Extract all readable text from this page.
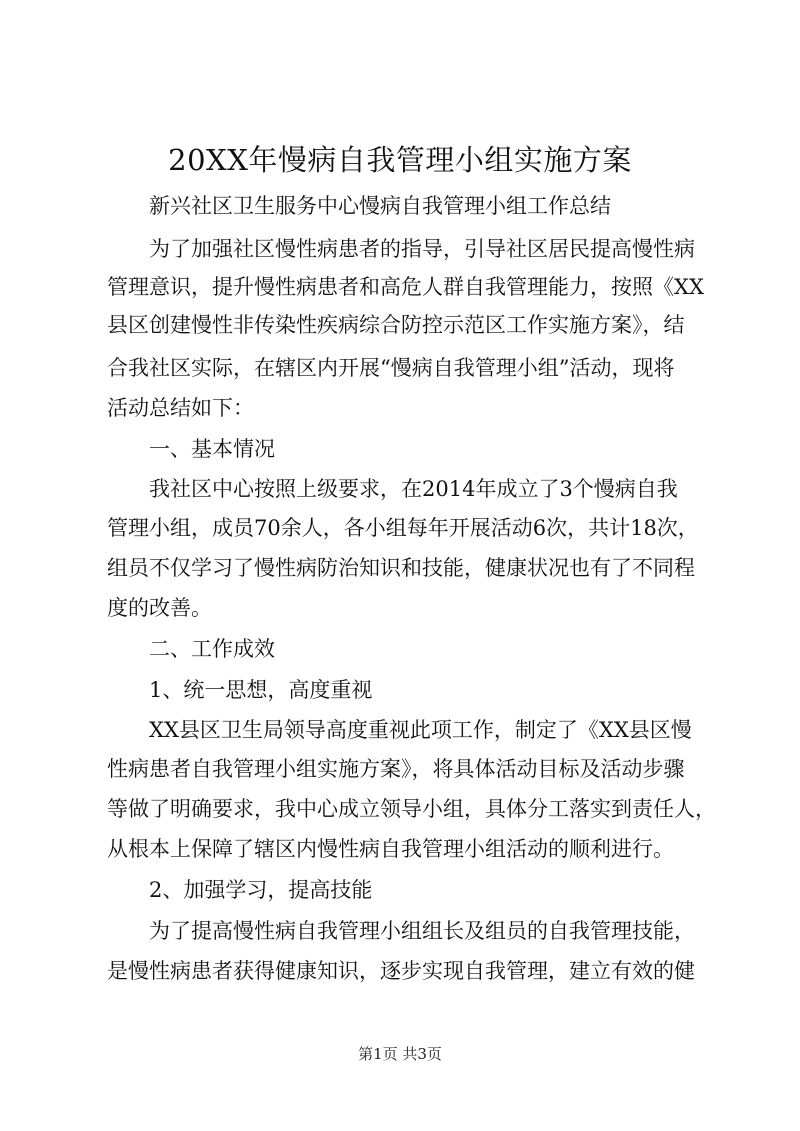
20XX年慢病自我管理小组实施方案
　　新兴社区卫生服务中心慢病自我管理小组工作总结
　　为了加强社区慢性病患者的指导，引导社区居民提高慢性病
管理意识，提升慢性病患者和高危人群自我管理能力，按照《XX
县区创建慢性非传染性疾病综合防控示范区工作实施方案》，结
合我社区实际，在辖区内开展“慢病自我管理小组”活动，现将
活动总结如下：
　　一、基本情况
　　我社区中心按照上级要求，在2014年成立了3个慢病自我
管理小组，成员70余人，各小组每年开展活动6次，共计18次，
组员不仅学习了慢性病防治知识和技能，健康状况也有了不同程
度的改善。
　　二、工作成效
　　1、统一思想，高度重视
　　XX县区卫生局领导高度重视此项工作，制定了《XX县区慢
性病患者自我管理小组实施方案》，将具体活动目标及活动步骤
等做了明确要求，我中心成立领导小组，具体分工落实到责任人，
从根本上保障了辖区内慢性病自我管理小组活动的顺利进行。
　　2、加强学习，提高技能
　　为了提高慢性病自我管理小组组长及组员的自我管理技能，
是慢性病患者获得健康知识，逐步实现自我管理，建立有效的健
第1页 共3页
